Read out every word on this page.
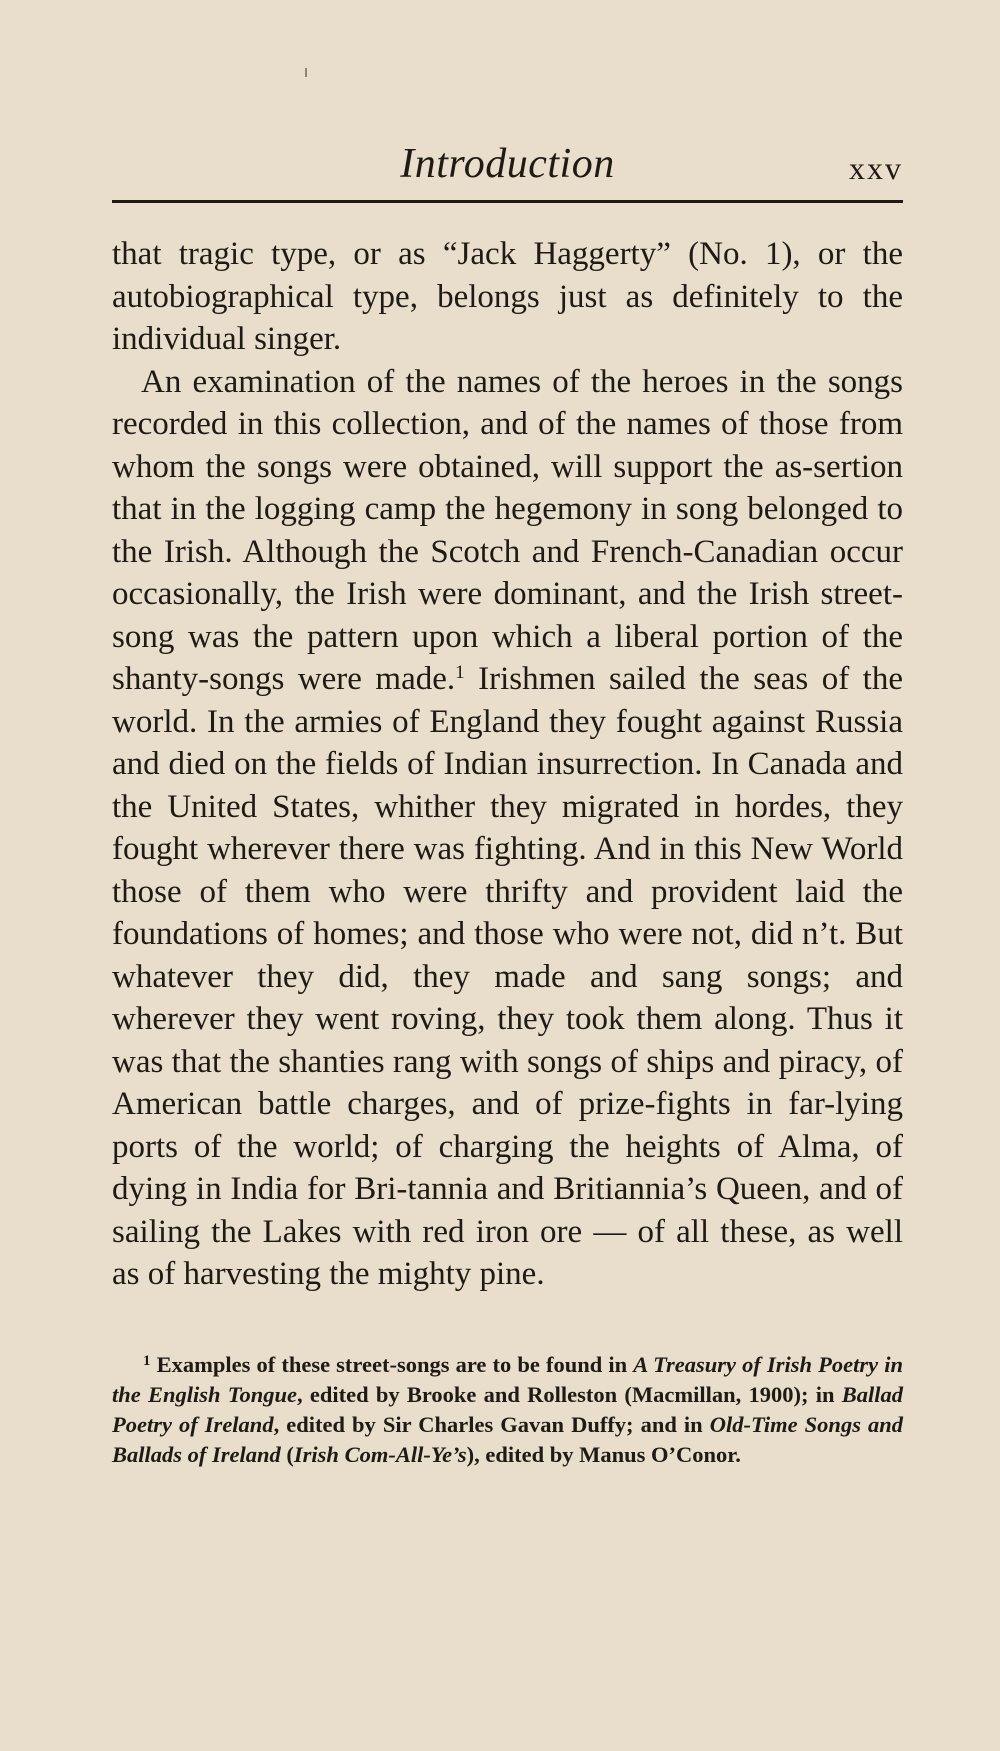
Introduction	xxv

that tragic type, or as “Jack Haggerty” (No. 1), or the autobiographical type, belongs just as definitely to the individual singer.

An examination of the names of the heroes in the songs recorded in this collection, and of the names of those from whom the songs were obtained, will support the as-sertion that in the logging camp the hegemony in song belonged to the Irish. Although the Scotch and French-Canadian occur occasionally, the Irish were dominant, and the Irish street-song was the pattern upon which a liberal portion of the shanty-songs were made.$^1$ Irishmen sailed the seas of the world. In the armies of England they fought against Russia and died on the fields of Indian insurrection. In Canada and the United States, whither they migrated in hordes, they fought wherever there was fighting. And in this New World those of them who were thrifty and provident laid the foundations of homes; and those who were not, did n’t. But whatever they did, they made and sang songs; and wherever they went roving, they took them along. Thus it was that the shanties rang with songs of ships and piracy, of American battle charges, and of prize-fights in far-lying ports of the world; of charging the heights of Alma, of dying in India for Bri-tannia and Britiannia’s Queen, and of sailing the Lakes with red iron ore — of all these, as well as of harvesting the mighty pine.

$^1$ Examples of these street-songs are to be found in A Treasury of Irish Poetry in the English Tongue, edited by Brooke and Rolleston (Macmillan, 1900); in Ballad Poetry of Ireland, edited by Sir Charles Gavan Duffy; and in Old-Time Songs and Ballads of Ireland (Irish Com-All-Ye’s), edited by Manus O’Conor.
